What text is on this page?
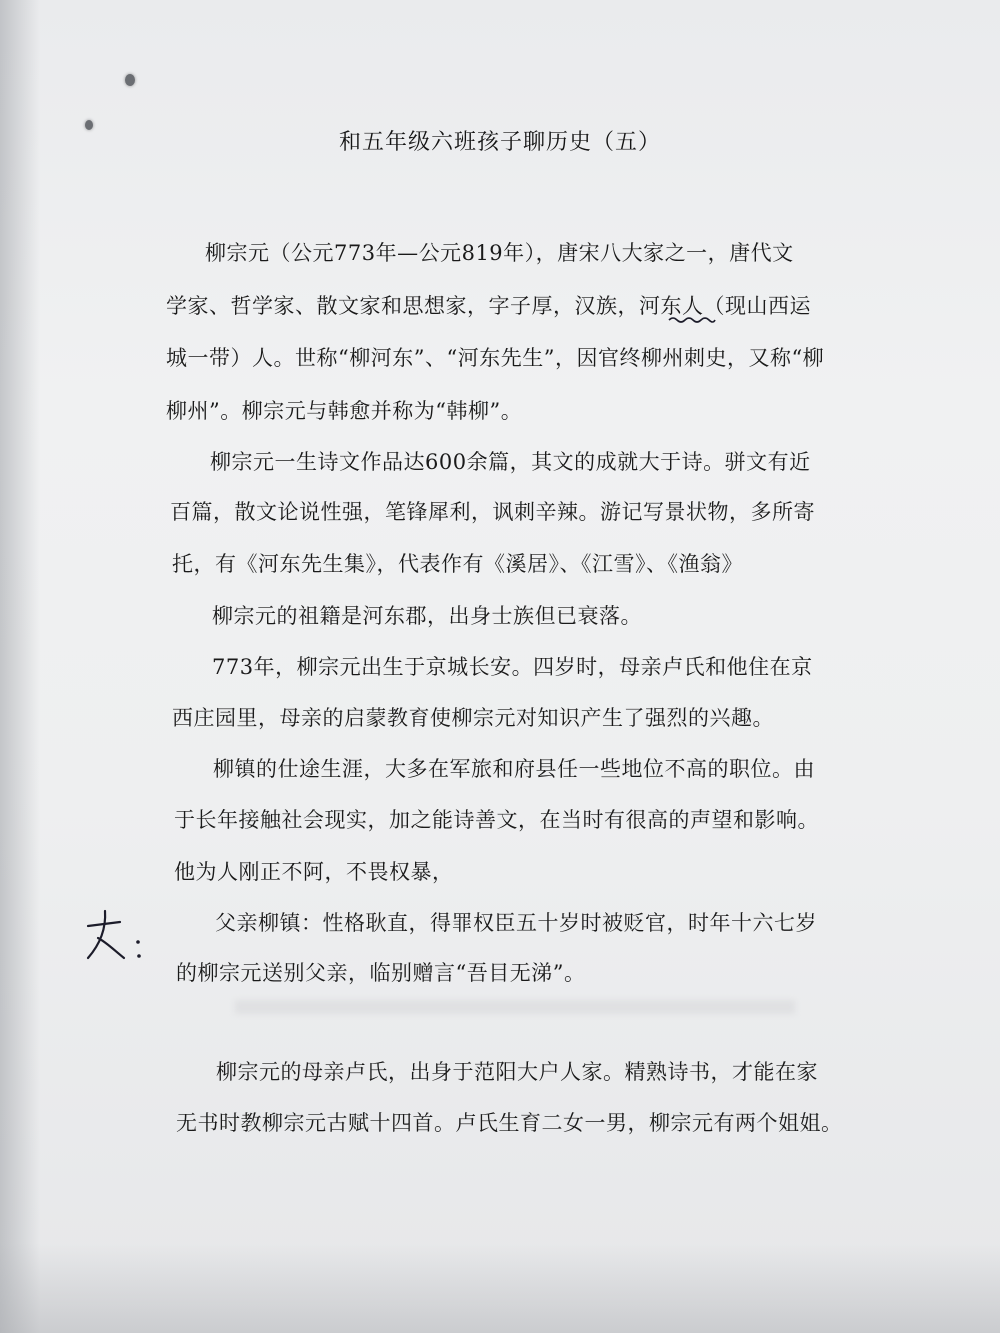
和五年级六班孩子聊历史（五）
柳宗元（公元773年—公元819年），唐宋八大家之一，唐代文
学家、哲学家、散文家和思想家，字子厚，汉族，河东人（现山西运
城一带）人。世称“柳河东”、“河东先生”，因官终柳州刺史，又称“柳
柳州”。柳宗元与韩愈并称为“韩柳”。
柳宗元一生诗文作品达600余篇，其文的成就大于诗。骈文有近
百篇，散文论说性强，笔锋犀利，讽刺辛辣。游记写景状物，多所寄
托，有《河东先生集》，代表作有《溪居》、《江雪》、《渔翁》
柳宗元的祖籍是河东郡，出身士族但已衰落。
773年，柳宗元出生于京城长安。四岁时，母亲卢氏和他住在京
西庄园里，母亲的启蒙教育使柳宗元对知识产生了强烈的兴趣。
柳镇的仕途生涯，大多在军旅和府县任一些地位不高的职位。由
于长年接触社会现实，加之能诗善文，在当时有很高的声望和影响。
他为人刚正不阿，不畏权暴，
父亲柳镇：性格耿直，得罪权臣五十岁时被贬官，时年十六七岁
的柳宗元送别父亲，临别赠言“吾目无涕”。
柳宗元的母亲卢氏，出身于范阳大户人家。精熟诗书，才能在家
无书时教柳宗元古赋十四首。卢氏生育二女一男，柳宗元有两个姐姐。
